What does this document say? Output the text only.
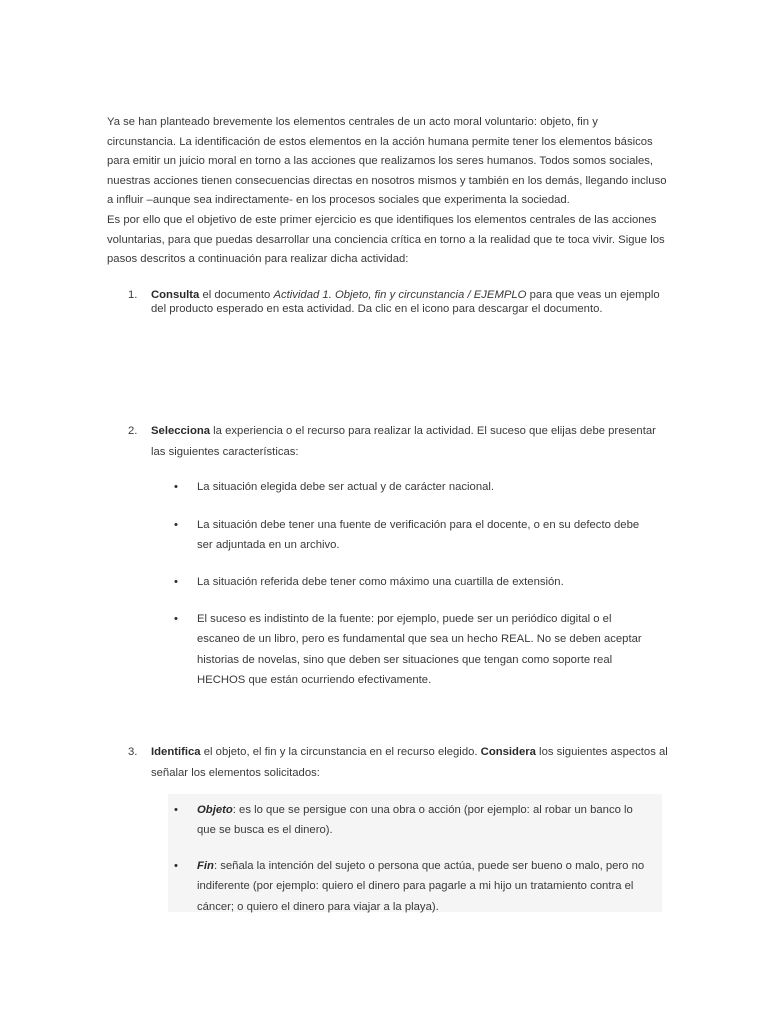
Ya se han planteado brevemente los elementos centrales de un acto moral voluntario: objeto, fin y circunstancia. La identificación de estos elementos en la acción humana permite tener los elementos básicos para emitir un juicio moral en torno a las acciones que realizamos los seres humanos. Todos somos sociales, nuestras acciones tienen consecuencias directas en nosotros mismos y también en los demás, llegando incluso a influir –aunque sea indirectamente- en los procesos sociales que experimenta la sociedad.

Es por ello que el objetivo de este primer ejercicio es que identifiques los elementos centrales de las acciones voluntarias, para que puedas desarrollar una conciencia crítica en torno a la realidad que te toca vivir. Sigue los pasos descritos a continuación para realizar dicha actividad:

1. Consulta el documento Actividad 1. Objeto, fin y circunstancia / EJEMPLO para que veas un ejemplo del producto esperado en esta actividad. Da clic en el icono para descargar el documento.
2. Selecciona la experiencia o el recurso para realizar la actividad. El suceso que elijas debe presentar las siguientes características:
• La situación elegida debe ser actual y de carácter nacional.
• La situación debe tener una fuente de verificación para el docente, o en su defecto debe ser adjuntada en un archivo.
• La situación referida debe tener como máximo una cuartilla de extensión.
• El suceso es indistinto de la fuente: por ejemplo, puede ser un periódico digital o el escaneo de un libro, pero es fundamental que sea un hecho REAL. No se deben aceptar historias de novelas, sino que deben ser situaciones que tengan como soporte real HECHOS que están ocurriendo efectivamente.
3. Identifica el objeto, el fin y la circunstancia en el recurso elegido. Considera los siguientes aspectos al señalar los elementos solicitados:
• Objeto: es lo que se persigue con una obra o acción (por ejemplo: al robar un banco lo que se busca es el dinero).
• Fin: señala la intención del sujeto o persona que actúa, puede ser bueno o malo, pero no indiferente (por ejemplo: quiero el dinero para pagarle a mi hijo un tratamiento contra el cáncer; o quiero el dinero para viajar a la playa).
